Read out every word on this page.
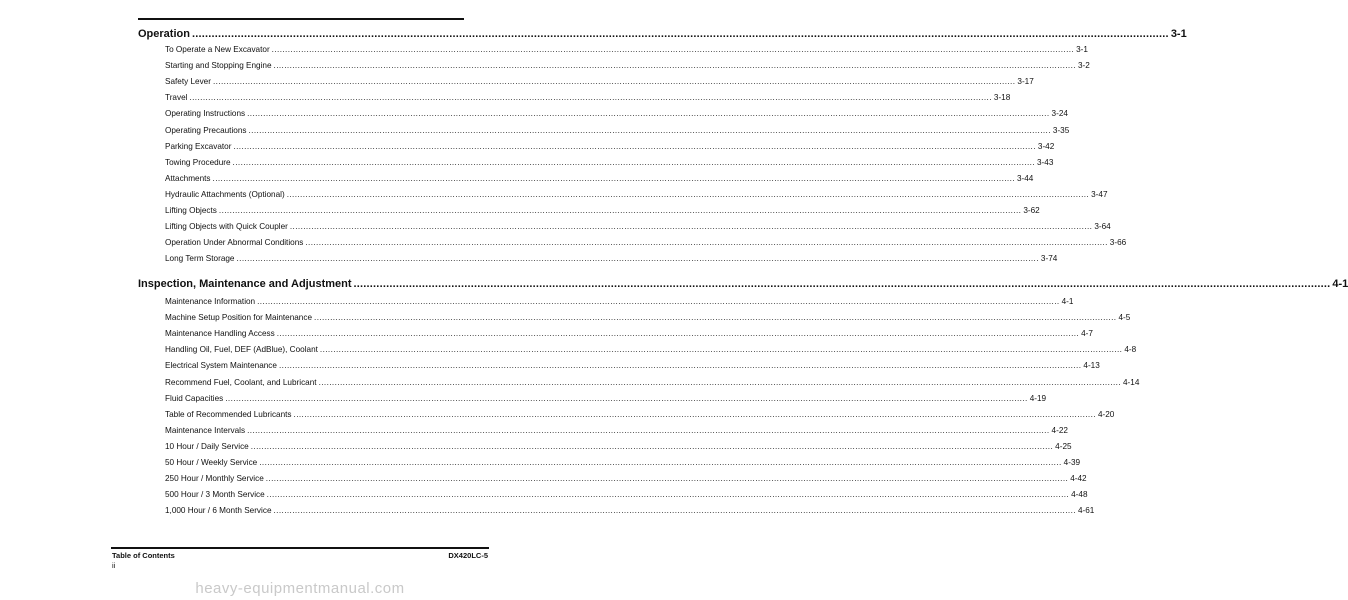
Operation ............................................................................................................................................................................................................................................................................................................ 3-1
To Operate a New Excavator ............................................................................................................................................................................................................................................................................................................ 3-1
Starting and Stopping Engine ............................................................................................................................................................................................................................................................................................................ 3-2
Safety Lever ............................................................................................................................................................................................................................................................................................................ 3-17
Travel ............................................................................................................................................................................................................................................................................................................ 3-18
Operating Instructions ............................................................................................................................................................................................................................................................................................................ 3-24
Operating Precautions ............................................................................................................................................................................................................................................................................................................ 3-35
Parking Excavator ............................................................................................................................................................................................................................................................................................................ 3-42
Towing Procedure ............................................................................................................................................................................................................................................................................................................ 3-43
Attachments ............................................................................................................................................................................................................................................................................................................ 3-44
Hydraulic Attachments (Optional) ............................................................................................................................................................................................................................................................................................................ 3-47
Lifting Objects ............................................................................................................................................................................................................................................................................................................ 3-62
Lifting Objects with Quick Coupler ............................................................................................................................................................................................................................................................................................................ 3-64
Operation Under Abnormal Conditions ............................................................................................................................................................................................................................................................................................................ 3-66
Long Term Storage ............................................................................................................................................................................................................................................................................................................ 3-74
Inspection, Maintenance and Adjustment ............................................................................................................................................................................................................................................................................................................ 4-1
Maintenance Information ............................................................................................................................................................................................................................................................................................................ 4-1
Machine Setup Position for Maintenance ............................................................................................................................................................................................................................................................................................................ 4-5
Maintenance Handling Access ............................................................................................................................................................................................................................................................................................................ 4-7
Handling Oil, Fuel, DEF (AdBlue), Coolant ............................................................................................................................................................................................................................................................................................................ 4-8
Electrical System Maintenance ............................................................................................................................................................................................................................................................................................................ 4-13
Recommend Fuel, Coolant, and Lubricant ............................................................................................................................................................................................................................................................................................................ 4-14
Fluid Capacities ............................................................................................................................................................................................................................................................................................................ 4-19
Table of Recommended Lubricants ............................................................................................................................................................................................................................................................................................................ 4-20
Maintenance Intervals ............................................................................................................................................................................................................................................................................................................ 4-22
10 Hour / Daily Service ............................................................................................................................................................................................................................................................................................................ 4-25
50 Hour / Weekly Service ............................................................................................................................................................................................................................................................................................................ 4-39
250 Hour / Monthly Service ............................................................................................................................................................................................................................................................................................................ 4-42
500 Hour / 3 Month Service ............................................................................................................................................................................................................................................................................................................ 4-48
1,000 Hour / 6 Month Service ............................................................................................................................................................................................................................................................................................................ 4-61
Table of Contents
ii
DX420LC-5
heavy-equipmentmanual.com
